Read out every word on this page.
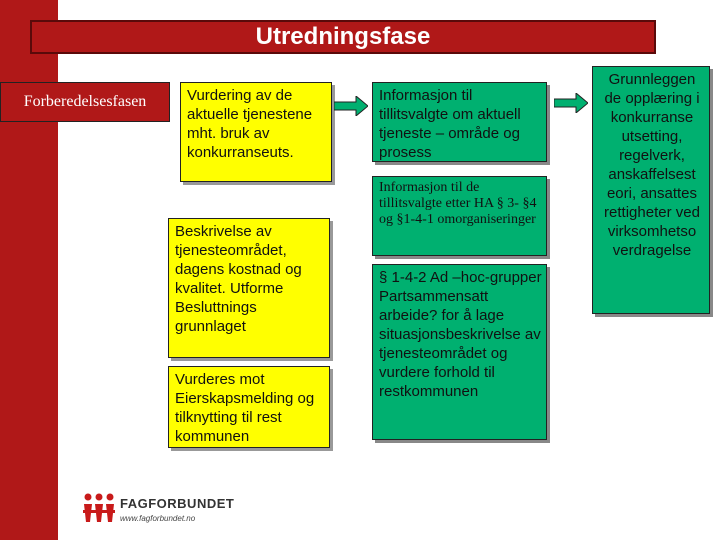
Utredningsfase
Forberedelsesfasen	Vurdering av de aktuelle tjenestene mht. bruk av konkurranseuts.
Beskrivelse av tjenesteområdet, dagens kostnad og kvalitet. Utforme Besluttnings grunnlaget
Vurderes mot Eierskapsmelding og tilknytting til rest kommunen
Informasjon til tillitsvalgte om aktuell tjeneste – område og prosess
Informasjon til de tillitsvalgte etter HA § 3- §4 og §1-4-1 omorganiseringer
§ 1-4-2 Ad –hoc-grupper Partsammensatt arbeide? for å lage situasjonsbeskrivelse av tjenesteområdet og vurdere forhold til restkommunen
Grunnleggen de opplæring i konkurranse utsetting, regelverk, anskaffelsest eori, ansattes rettigheter ved virksomhetso verdragelse
FAGFORBUNDET
www.fagforbundet.no
